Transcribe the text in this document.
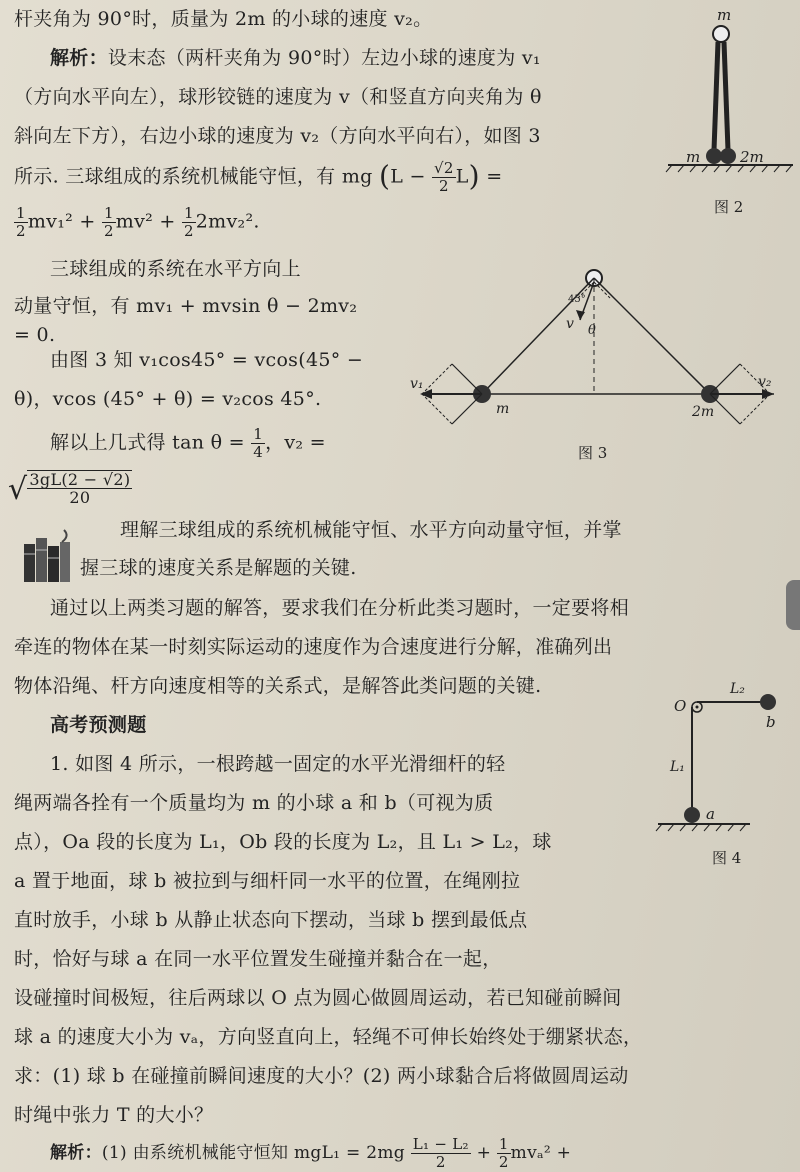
杆夹角为 90°时，质量为 2m 的小球的速度 v₂。

解析：设末态（两杆夹角为 90°时）左边小球的速度为 v₁

（方向水平向左），球形铰链的速度为 v（和竖直方向夹角为 θ

斜向左下方），右边小球的速度为 v₂（方向水平向右），如图 3

所示. 三球组成的系统机械能守恒，有 mg $(L - \frac{√2}{2} L)$ =

$\frac{1}{2} mv_1^2 + \frac{1}{2} mv^2 + \frac{1}{2} 2mv_2^2$.

三球组成的系统在水平方向上

动量守恒，有 mv₁ + mvsin θ − 2mv₂

= 0.

由图 3 知 v₁cos45° = vcos(45° −

θ)，vcos (45° + θ) = v₂cos 45°.

解以上几式得 $\tan \theta = \frac{1}{4}$ ，v₂ =

√ $\frac{3gL(2 - √2)}{20}$

理解三球组成的系统机械能守恒、水平方向动量守恒，并掌

握三球的速度关系是解题的关键.

通过以上两类习题的解答，要求我们在分析此类习题时，一定要将相

牵连的物体在某一时刻实际运动的速度作为合速度进行分解，准确列出

物体沿绳、杆方向速度相等的关系式，是解答此类问题的关键.

高考预测题

1. 如图 4 所示，一根跨越一固定的水平光滑细杆的轻

绳两端各拴有一个质量均为 m 的小球 a 和 b（可视为质

点），Oa 段的长度为 L₁，Ob 段的长度为 L₂，且 L₁ > L₂，球

a 置于地面，球 b 被拉到与细杆同一水平的位置，在绳刚拉

直时放手，小球 b 从静止状态向下摆动，当球 b 摆到最低点

时，恰好与球 a 在同一水平位置发生碰撞并黏合在一起，

设碰撞时间极短，往后两球以 O 点为圆心做圆周运动，若已知碰前瞬间

球 a 的速度大小为 vₐ，方向竖直向上，轻绳不可伸长始终处于绷紧状态，

求：(1) 球 b 在碰撞前瞬间速度的大小？(2) 两小球黏合后将做圆周运动

时绳中张力 T 的大小？

解析：(1) 由系统机械能守恒知 $mgL_1 = 2mg \frac{\text{L₁ − L₂}}{2} + \frac{1}{2} mv_a^2$ +

m
m	2m
图 2
v θ
45°
v₁
m
v₂
2m
图 3
O
L₂
b
L₁
a
图 4
